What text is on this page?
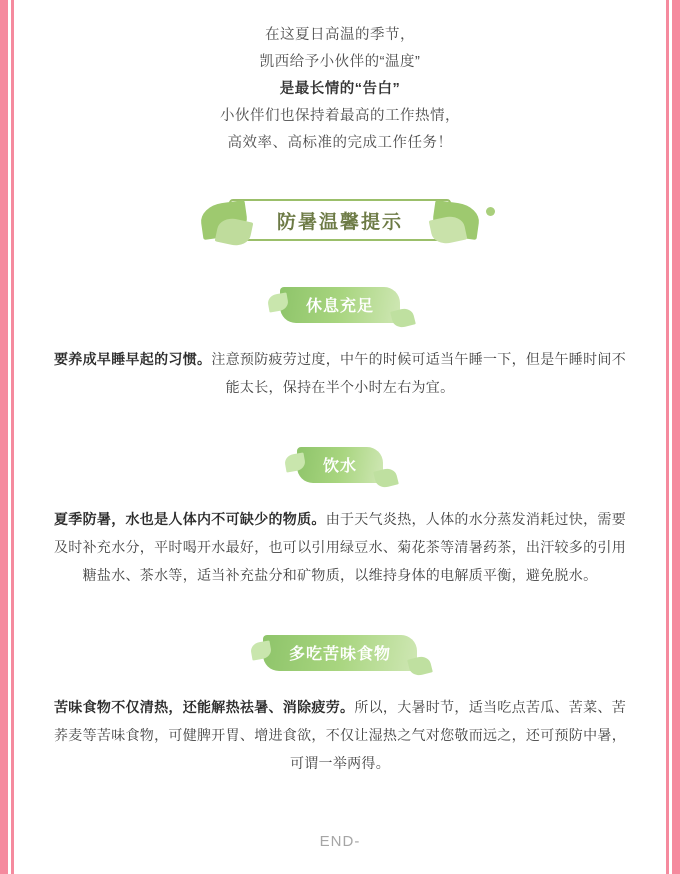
在这夏日高温的季节，
凯西给予小伙伴的“温度”
是最长情的“告白”
小伙伴们也保持着最高的工作热情，
高效率、高标准的完成工作任务！
防暑温馨提示
休息充足

要养成早睡早起的习惯。注意预防疲劳过度，中午的时候可适当午睡一下，但是午睡时间不能太长，保持在半个小时左右为宜。

饮水

夏季防暑，水也是人体内不可缺少的物质。由于天气炎热，人体的水分蒸发消耗过快，需要及时补充水分，平时喝开水最好，也可以引用绿豆水、菊花茶等清暑药茶，出汗较多的引用糖盐水、茶水等，适当补充盐分和矿物质，以维持身体的电解质平衡，避免脱水。

多吃苦味食物

苦味食物不仅清热，还能解热祛暑、消除疲劳。所以，大暑时节，适当吃点苦瓜、苦菜、苦荞麦等苦味食物，可健脾开胃、增进食欲，不仅让湿热之气对您敬而远之，还可预防中暑，可谓一举两得。

END-
